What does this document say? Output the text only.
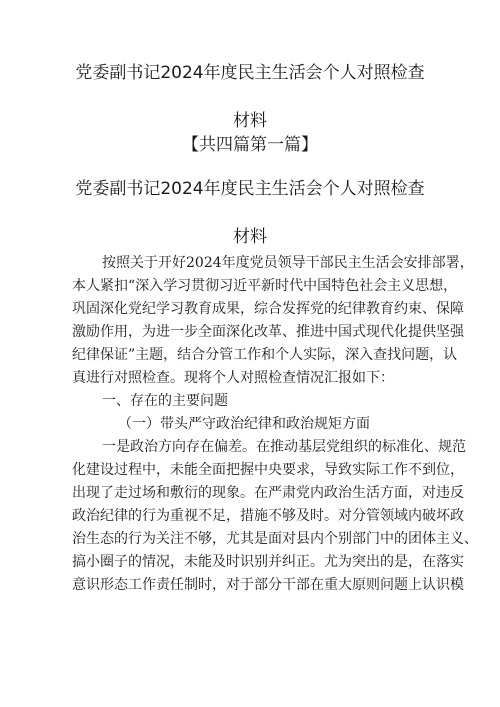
党委副书记2024年度民主生活会个人对照检查
材料
【共四篇第一篇】
党委副书记2024年度民主生活会个人对照检查
材料
按照关于开好2024年度党员领导干部民主生活会安排部署，
本人紧扣“深入学习贯彻习近平新时代中国特色社会主义思想，
巩固深化党纪学习教育成果，综合发挥党的纪律教育约束、保障
激励作用，为进一步全面深化改革、推进中国式现代化提供坚强
纪律保证”主题，结合分管工作和个人实际，深入查找问题，认
真进行对照检查。现将个人对照检查情况汇报如下：
一、存在的主要问题
（一）带头严守政治纪律和政治规矩方面
一是政治方向存在偏差。在推动基层党组织的标准化、规范
化建设过程中，未能全面把握中央要求，导致实际工作不到位，
出现了走过场和敷衍的现象。在严肃党内政治生活方面，对违反
政治纪律的行为重视不足，措施不够及时。对分管领域内破坏政
治生态的行为关注不够，尤其是面对县内个别部门中的团体主义、
搞小圈子的情况，未能及时识别并纠正。尤为突出的是，在落实
意识形态工作责任制时，对于部分干部在重大原则问题上认识模
